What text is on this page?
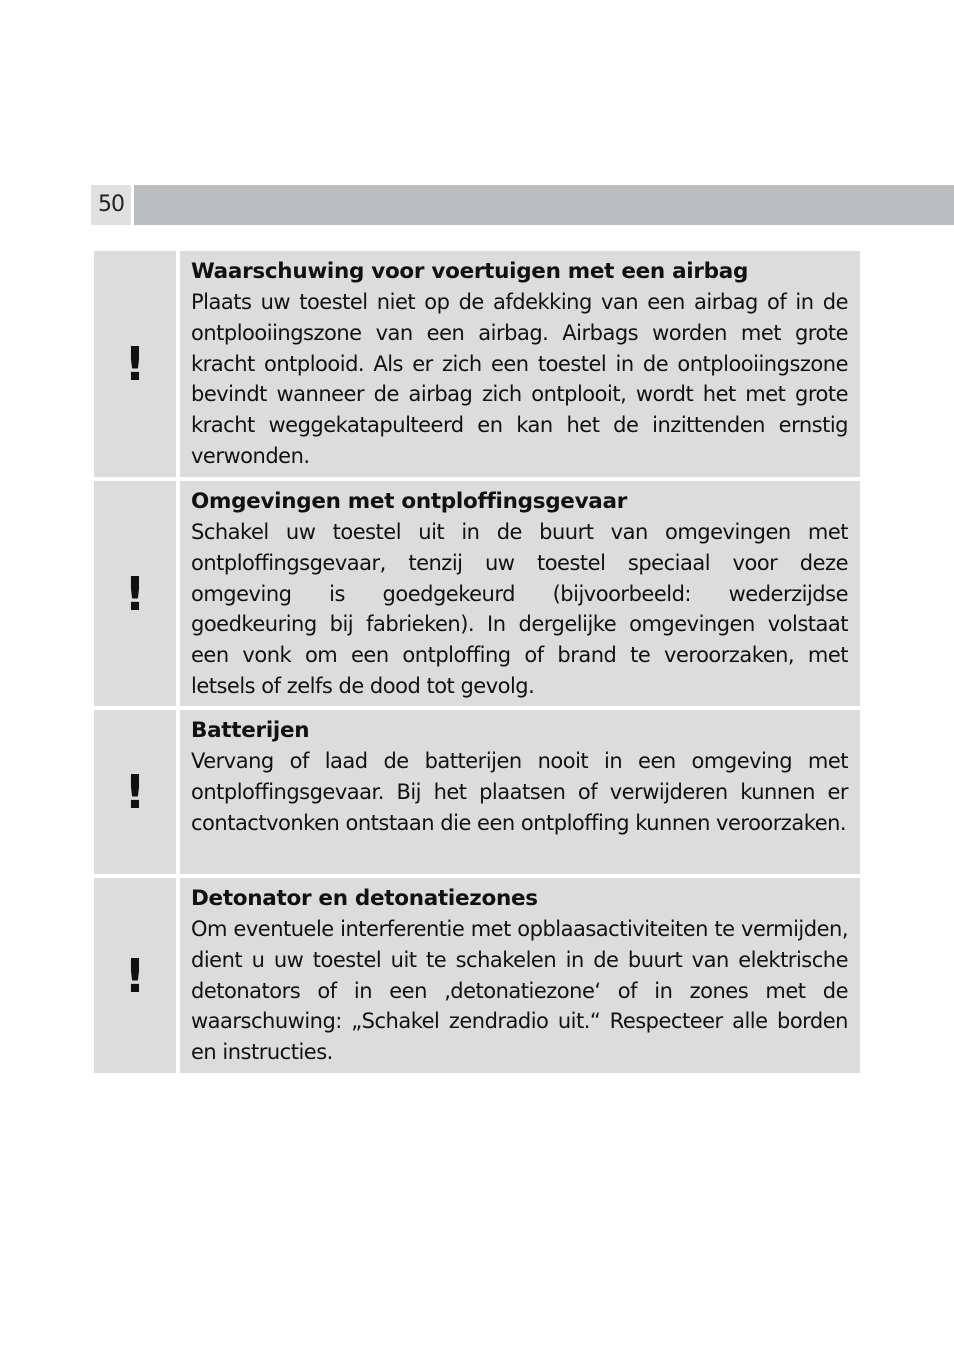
50
!
Waarschuwing voor voertuigen met een airbag
Plaats uw toestel niet op de afdekking van een airbag of in de ontplooiingszone van een airbag. Airbags worden met grote kracht ontplooid. Als er zich een toestel in de ontplooiingszone bevindt wanneer de airbag zich ontplooit, wordt het met grote kracht weggekatapulteerd en kan het de inzittenden ernstig verwonden.
!
Omgevingen met ontploffingsgevaar
Schakel uw toestel uit in de buurt van omgevingen met ontploffingsgevaar, tenzij uw toestel speciaal voor deze omgeving is goedgekeurd (bijvoorbeeld: wederzijdse goedkeuring bij fabrieken). In dergelijke omgevingen volstaat een vonk om een ontploffing of brand te veroorzaken, met letsels of zelfs de dood tot gevolg.
!
Batterijen
Vervang of laad de batterijen nooit in een omgeving met ontploffingsgevaar. Bij het plaatsen of verwijderen kunnen er contactvonken ontstaan die een ontploffing kunnen veroorzaken.
!
Detonator en detonatiezones
Om eventuele interferentie met opblaasactiviteiten te vermijden, dient u uw toestel uit te schakelen in de buurt van elektrische detonators of in een ‚detonatiezone‘ of in zones met de waarschuwing: „Schakel zendradio uit.“ Respecteer alle borden en instructies.
